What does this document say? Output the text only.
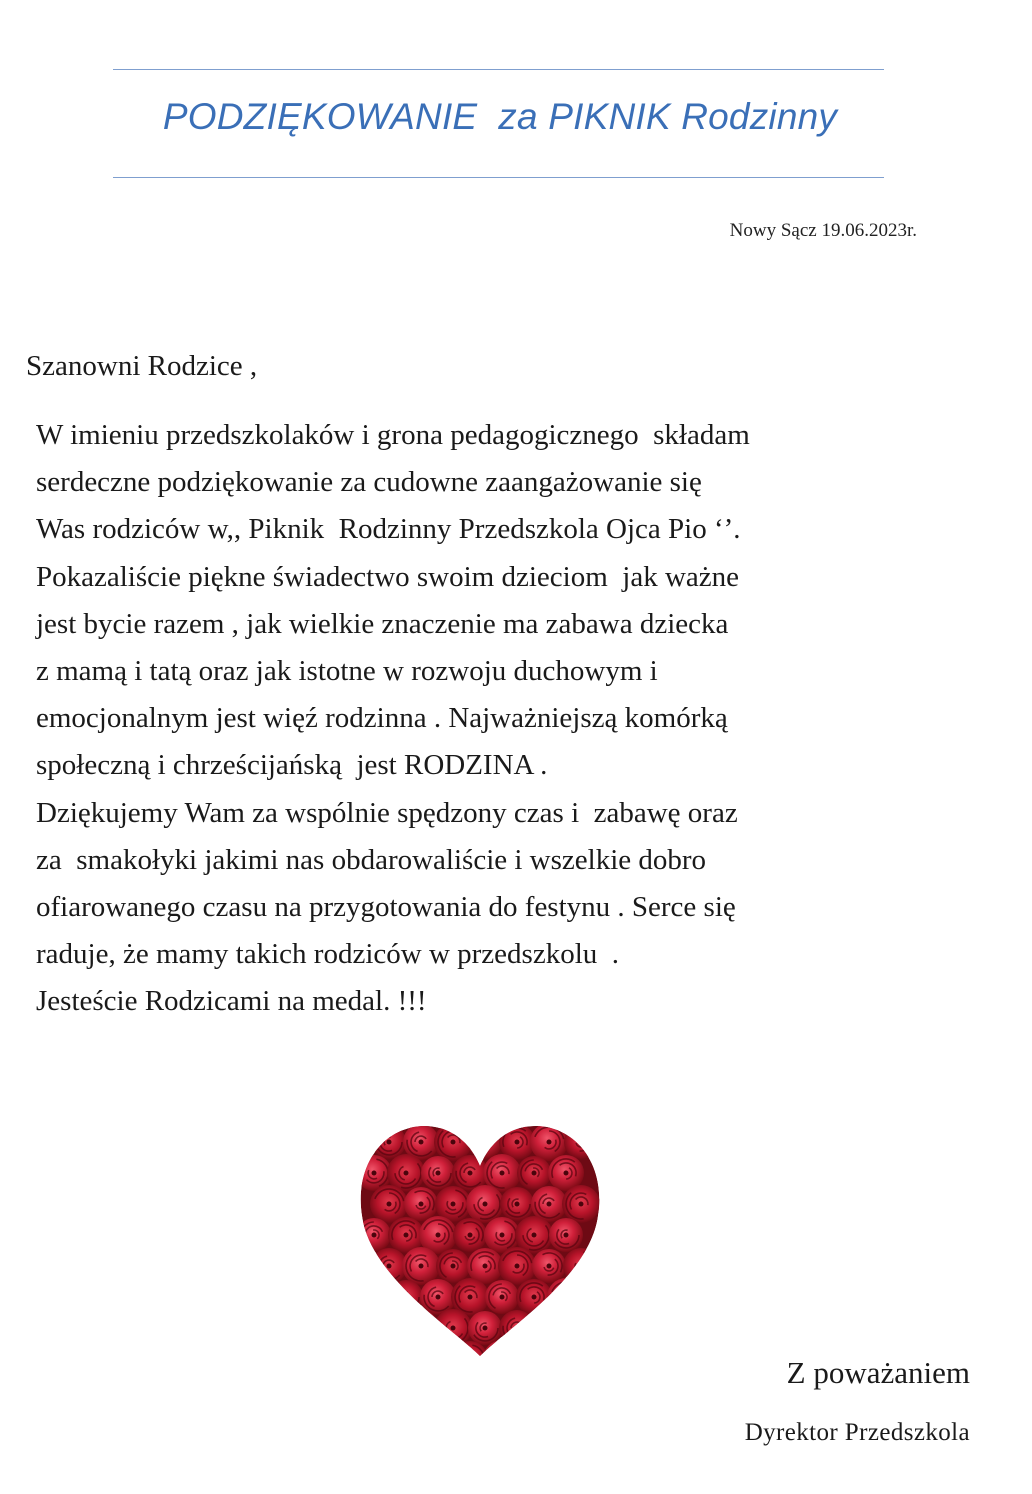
PODZIĘKOWANIE  za PIKNIK Rodzinny
Nowy Sącz 19.06.2023r.
Szanowni Rodzice ,
W imieniu przedszkolaków i grona pedagogicznego  składam
serdeczne podziękowanie za cudowne zaangażowanie się
Was rodziców w,, Piknik  Rodzinny Przedszkola Ojca Pio ‘’.
Pokazaliście piękne świadectwo swoim dzieciom  jak ważne
jest bycie razem , jak wielkie znaczenie ma zabawa dziecka
z mamą i tatą oraz jak istotne w rozwoju duchowym i
emocjonalnym jest więź rodzinna . Najważniejszą komórką
społeczną i chrześcijańską  jest RODZINA .
Dziękujemy Wam za wspólnie spędzony czas i  zabawę oraz
za  smakołyki jakimi nas obdarowaliście i wszelkie dobro
ofiarowanego czasu na przygotowania do festynu . Serce się
raduje, że mamy takich rodziców w przedszkolu  .
Jesteście Rodzicami na medal. !!!
Z poważaniem
Dyrektor Przedszkola
